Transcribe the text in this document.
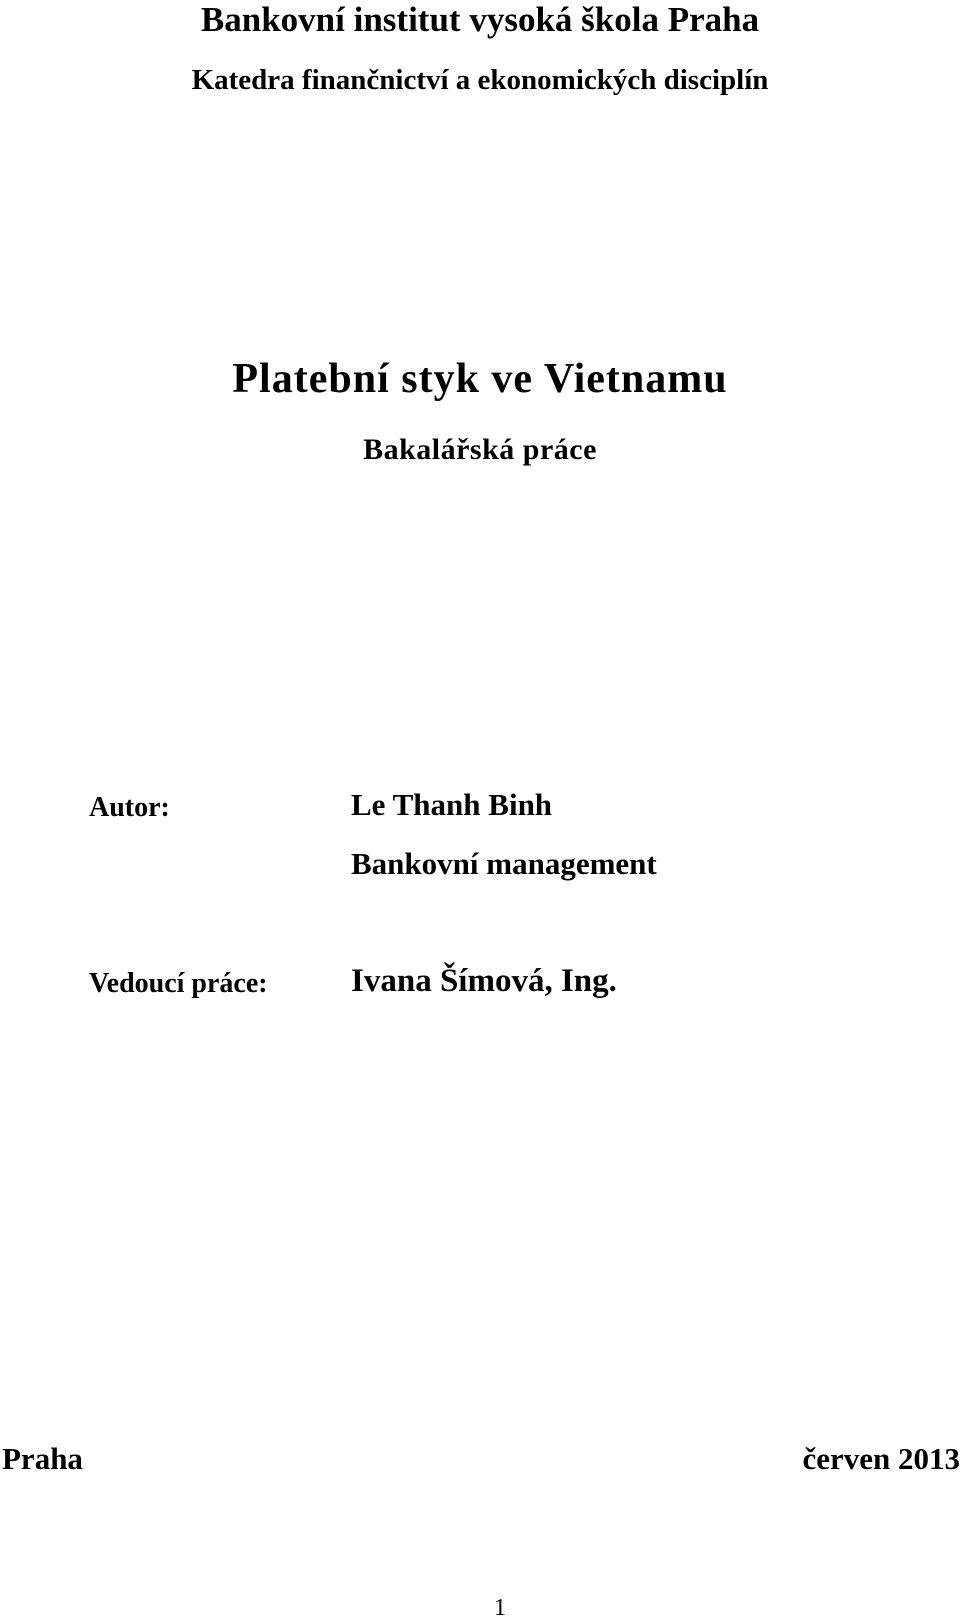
Bankovní institut vysoká škola Praha
Katedra finančnictví a ekonomických disciplín
Platební styk ve Vietnamu
Bakalářská práce
Autor:	Le Thanh Binh
Bankovní management
Vedoucí práce:	Ivana Šímová, Ing.
Praha	červen 2013
1
